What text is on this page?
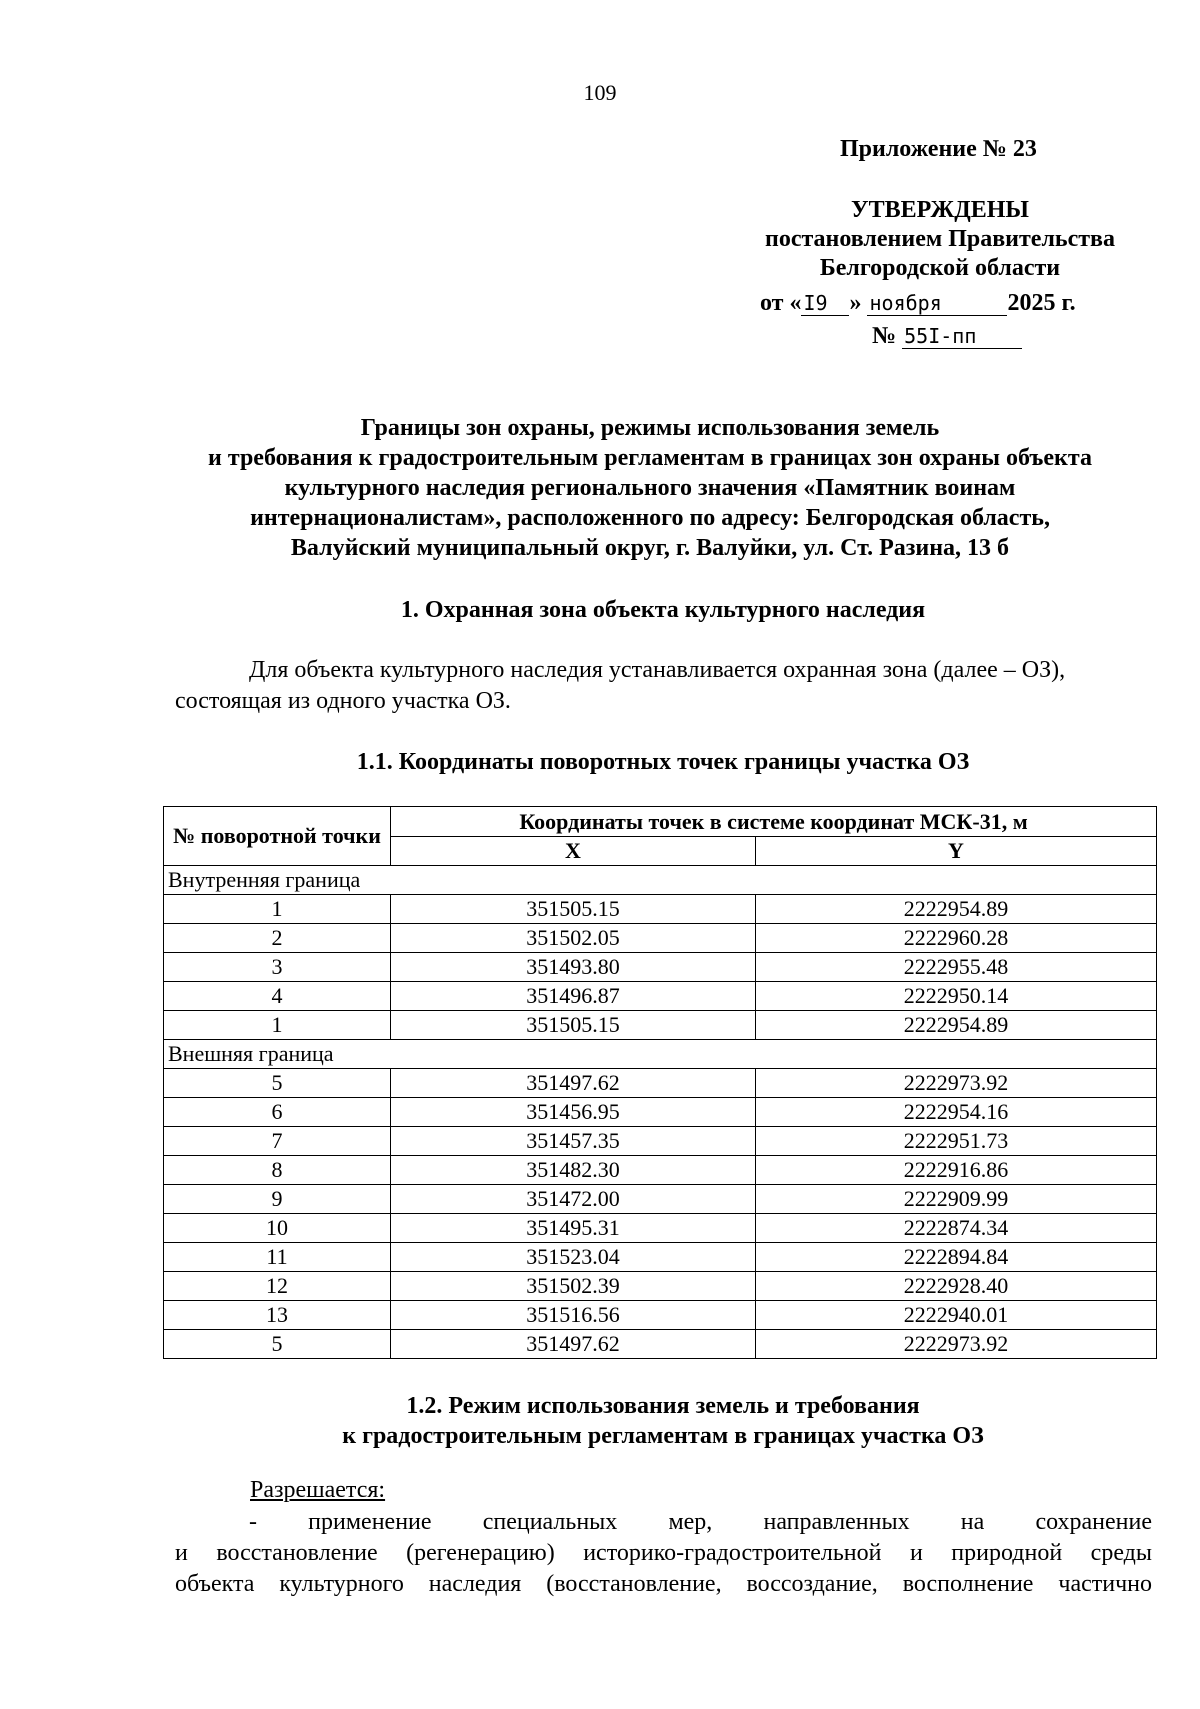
109
Приложение № 23
УТВЕРЖДЕНЫ
постановлением Правительства
Белгородской области
от « I9 » ноября	2025 г.
№ 55I-пп
Границы зон охраны, режимы использования земель
и требования к градостроительным регламентам в границах зон охраны объекта
культурного наследия регионального значения «Памятник воинам
интернационалистам», расположенного по адресу: Белгородская область,
Валуйский муниципальный округ, г. Валуйки, ул. Ст. Разина, 13 б
1. Охранная зона объекта культурного наследия
Для объекта культурного наследия устанавливается охранная зона (далее – ОЗ),
состоящая из одного участка ОЗ.
1.1. Координаты поворотных точек границы участка ОЗ
№ поворотной точки	Координаты точек в системе координат МСК-31, м	
	X	Y
Внутренняя граница		
1	351505.15	2222954.89
2	351502.05	2222960.28
3	351493.80	2222955.48
4	351496.87	2222950.14
1	351505.15	2222954.89
Внешняя граница		
5	351497.62	2222973.92
6	351456.95	2222954.16
7	351457.35	2222951.73
8	351482.30	2222916.86
9	351472.00	2222909.99
10	351495.31	2222874.34
11	351523.04	2222894.84
12	351502.39	2222928.40
13	351516.56	2222940.01
5	351497.62	2222973.92
1.2. Режим использования земель и требования
к градостроительным регламентам в границах участка ОЗ
Разрешается:
- применение специальных мер, направленных на сохранение
и восстановление (регенерацию) историко-градостроительной и природной среды
объекта культурного наследия (восстановление, воссоздание, восполнение частично
